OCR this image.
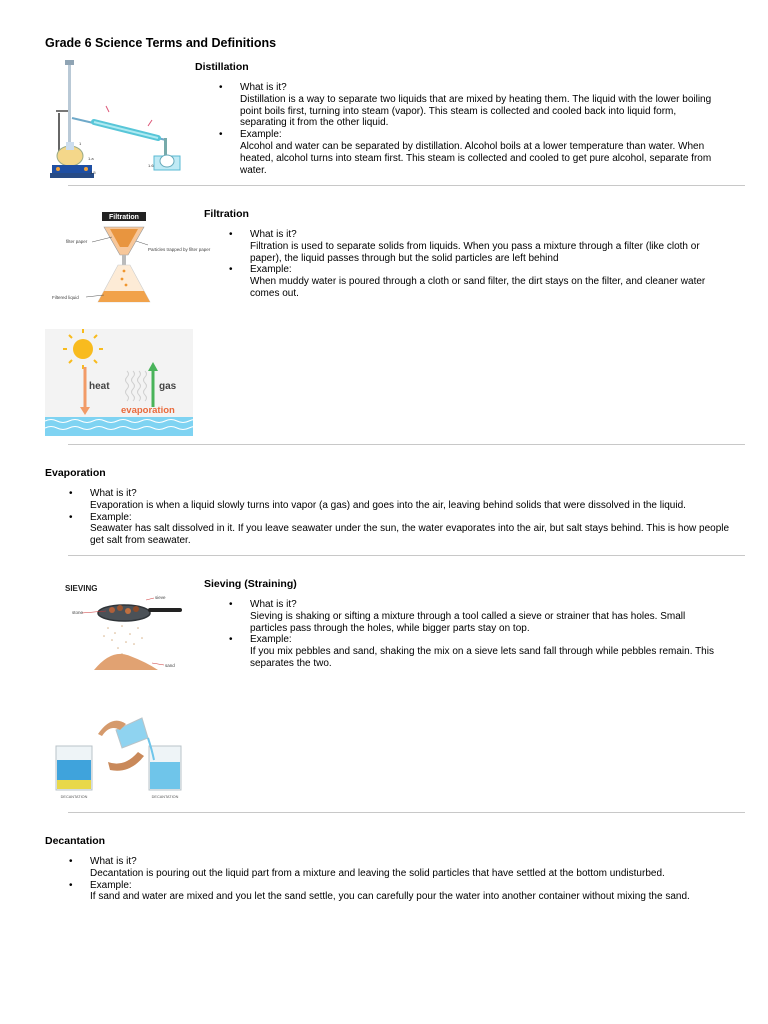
Grade 6 Science Terms and Definitions
1
1.a
1.5
1.6
Distillation
• What is it?
Distillation is a way to separate two liquids that are mixed by heating them. The liquid with the lower boiling point boils first, turning into steam (vapor). This steam is collected and cooled back into liquid form, separating it from the other liquid.
• Example:
Alcohol and water can be separated by distillation. Alcohol boils at a lower temperature than water. When heated, alcohol turns into steam first. This steam is collected and cooled to get pure alcohol, separate from water.
Filtration
filter paper
Particles trapped by filter paper
Filtered liquid
Filtration
• What is it?
Filtration is used to separate solids from liquids. When you pass a mixture through a filter (like cloth or paper), the liquid passes through but the solid particles are left behind
• Example:
When muddy water is poured through a cloth or sand filter, the dirt stays on the filter, and cleaner water comes out.
heat	gas
evaporation
Evaporation
• What is it?
Evaporation is when a liquid slowly turns into vapor (a gas) and goes into the air, leaving behind solids that were dissolved in the liquid.
• Example:
Seawater has salt dissolved in it. If you leave seawater under the sun, the water evaporates into the air, but salt stays behind. This is how people get salt from seawater.
SIEVING
sieve
stone
sand
Sieving (Straining)
• What is it?
Sieving is shaking or sifting a mixture through a tool called a sieve or strainer that has holes. Small particles pass through the holes, while bigger parts stay on top.
• Example:
If you mix pebbles and sand, shaking the mix on a sieve lets sand fall through while pebbles remain. This separates the two.
DECANTATION	DECANTATION
Decantation
• What is it?
Decantation is pouring out the liquid part from a mixture and leaving the solid particles that have settled at the bottom undisturbed.
• Example:
If sand and water are mixed and you let the sand settle, you can carefully pour the water into another container without mixing the sand.
